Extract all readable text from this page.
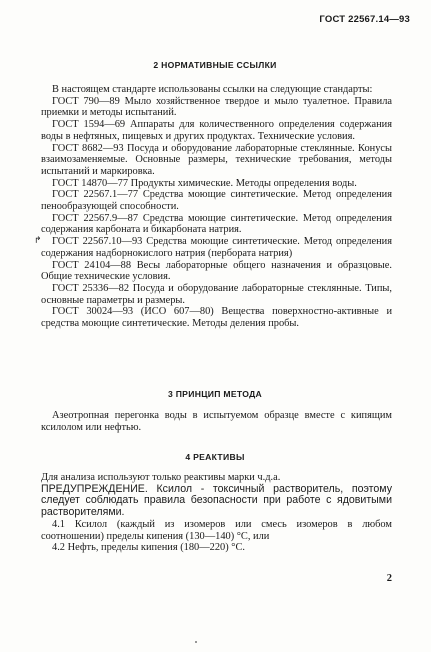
ГОСТ 22567.14—93
2 НОРМАТИВНЫЕ ССЫЛКИ

В настоящем стандарте использованы ссылки на следующие стандарты:

ГОСТ 790—89 Мыло хозяйственное твердое и мыло туалетное. Правила приемки и методы испытаний.

ГОСТ 1594—69 Аппараты для количественного определения содержания воды в нефтяных, пищевых и других продуктах. Технические условия.

ГОСТ 8682—93 Посуда и оборудование лабораторные стеклянные. Конусы взаимозаменяемые. Основные размеры, технические требования, методы испытаний и маркировка.

ГОСТ 14870—77 Продукты химические. Методы определения воды.

ГОСТ 22567.1—77 Средства моющие синтетические. Метод определения пенообразующей способности.

ГОСТ 22567.9—87 Средства моющие синтетические. Метод определения содержания карбоната и бикарбоната натрия.

ГОСТ 22567.10—93 Средства моющие синтетические. Метод определения содержания надборнокислого натрия (пербората натрия)

ГОСТ 24104—88 Весы лабораторные общего назначения и образцовые. Общие технические условия.

ГОСТ 25336—82 Посуда и оборудование лабораторные стеклянные. Типы, основные параметры и размеры.

ГОСТ 30024—93 (ИСО 607—80) Вещества поверхностно-активные и средства моющие синтетические. Методы деления пробы.

↱
3 ПРИНЦИП МЕТОДА

Азеотропная перегонка воды в испытуемом образце вместе с кипящим ксилолом или нефтью.

4 РЕАКТИВЫ

Для анализа используют только реактивы марки ч.д.а.

ПРЕДУПРЕЖДЕНИЕ. Ксилол - токсичный растворитель, поэтому следует соблюдать правила безопасности при работе с ядовитыми растворителями.

4.1 Ксилол (каждый из изомеров или смесь изомеров в любом соотношении) пределы кипения (130—140) °С, или

4.2 Нефть, пределы кипения (180—220) °С.

2
